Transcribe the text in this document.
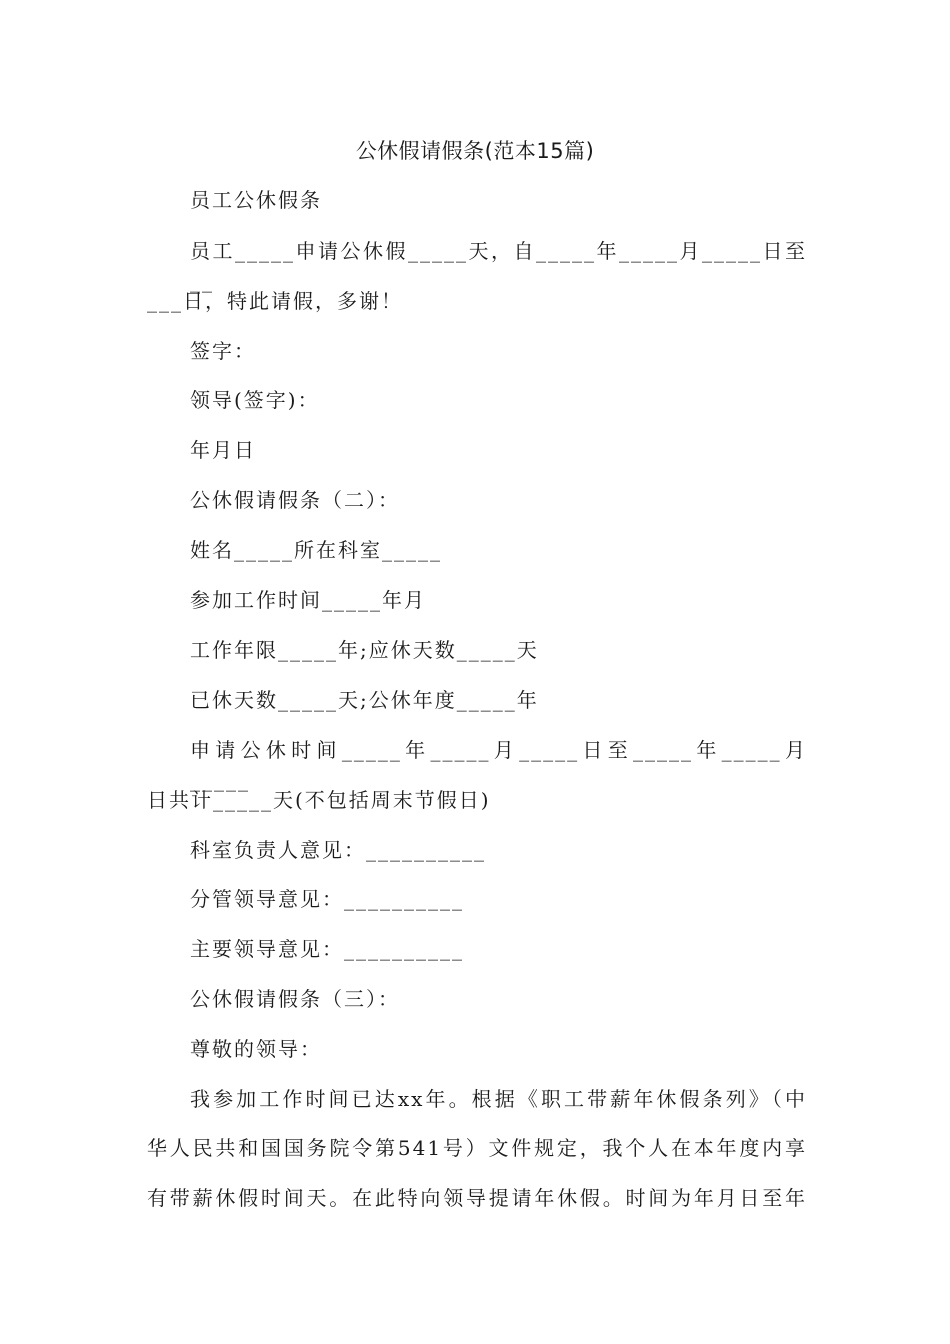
公休假请假条(范本15篇)
员工公休假条
员工_____申请公休假_____天，自_____年_____月_____日至__
___日，特此请假，多谢！
签字：
领导(签字)：
年月日
公休假请假条（二）：
姓名_____所在科室_____
参加工作时间_____年月
工作年限_____年;应休天数_____天
已休天数_____天;公休年度_____年
申请公休时间_____年_____月_____日至_____年_____月_____
日共计_____天(不包括周末节假日)
科室负责人意见：__________
分管领导意见：__________
主要领导意见：__________
公休假请假条（三）：
尊敬的领导：
我参加工作时间已达xx年。根据《职工带薪年休假条列》（中
华人民共和国国务院令第541号）文件规定，我个人在本年度内享
有带薪休假时间天。在此特向领导提请年休假。时间为年月日至年
